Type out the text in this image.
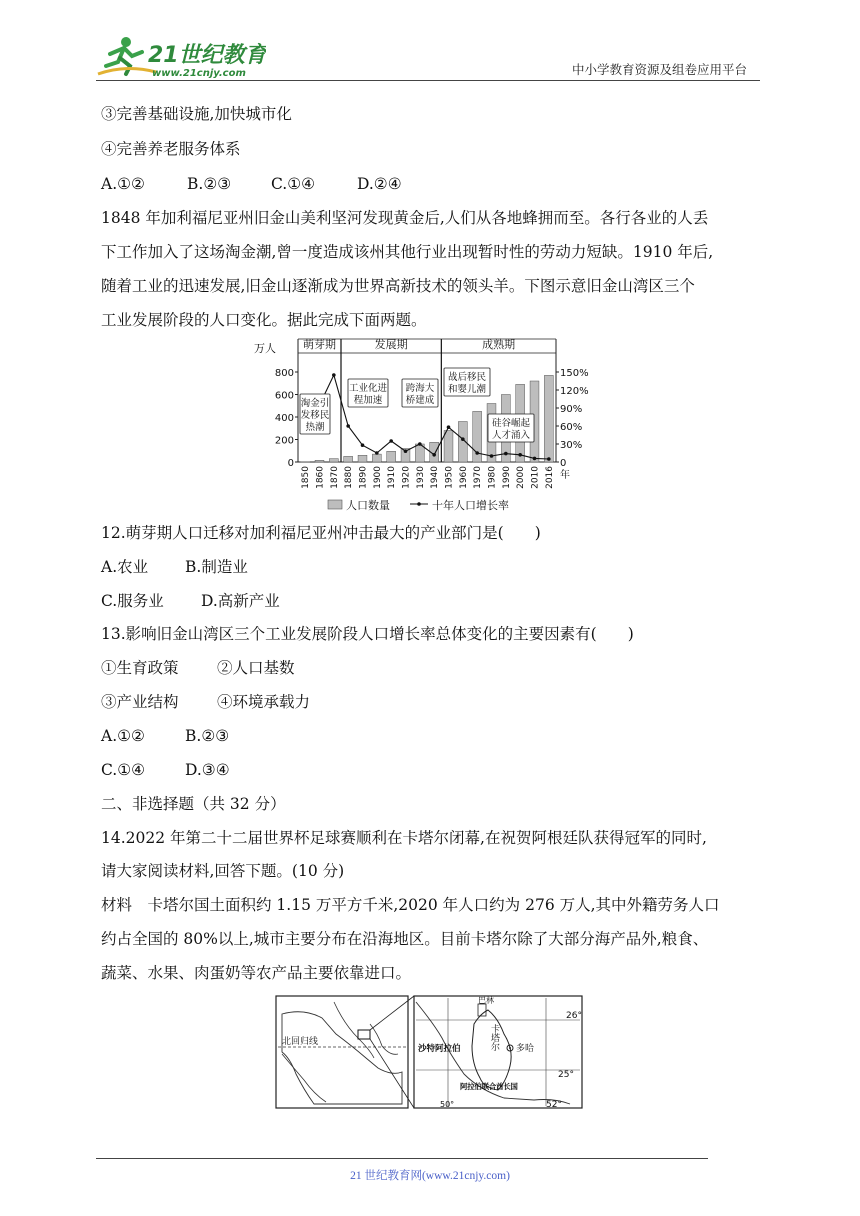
21世纪教育
www.21cnjy.com	中小学教育资源及组卷应用平台
③完善基础设施,加快城市化
④完善养老服务体系
A.①②	B.②③	C.①④	D.②④
1848 年加利福尼亚州旧金山美利坚河发现黄金后,人们从各地蜂拥而至。各行各业的人丢
下工作加入了这场淘金潮,曾一度造成该州其他行业出现暂时性的劳动力短缺。1910 年后,
随着工业的迅速发展,旧金山逐渐成为世界高新技术的领头羊。下图示意旧金山湾区三个
工业发展阶段的人口变化。据此完成下面两题。
萌芽期	发展期	成熟期
万人
0
200
400
600
800
0
30%
60%
90%
120%
150%
1850 1860 1870 1880 1890 1900 1910 1920 1930 1940 1950 1960 1970 1980 1990 2000 2010 2016 年
淘金引
发移民
热潮
工业化进
程加速
跨海大
桥建成
战后移民
和婴儿潮
硅谷崛起
人才涌入
人口数量	十年人口增长率
12.萌芽期人口迁移对加利福尼亚州冲击最大的产业部门是(　　)
A.农业 B.制造业
C.服务业 D.高新产业
13.影响旧金山湾区三个工业发展阶段人口增长率总体变化的主要因素有(　　)
①生育政策 ②人口基数
③产业结构 ④环境承载力
A.①②	B.②③
C.①④	D.③④
二、非选择题（共 32 分）
14.2022 年第二十二届世界杯足球赛顺利在卡塔尔闭幕,在祝贺阿根廷队获得冠军的同时,
请大家阅读材料,回答下题。(10 分)
材料　卡塔尔国土面积约 1.15 万平方千米,2020 年人口约为 276 万人,其中外籍劳务人口
约占全国的 80%以上,城市主要分布在沿海地区。目前卡塔尔除了大部分海产品外,粮食、
蔬菜、水果、肉蛋奶等农产品主要依靠进口。
北回归线
巴林
26°
卡塔尔 多哈
沙特阿拉伯
25°
阿拉伯联合酋长国
50°	52°
21 世纪教育网(www.21cnjy.com)
